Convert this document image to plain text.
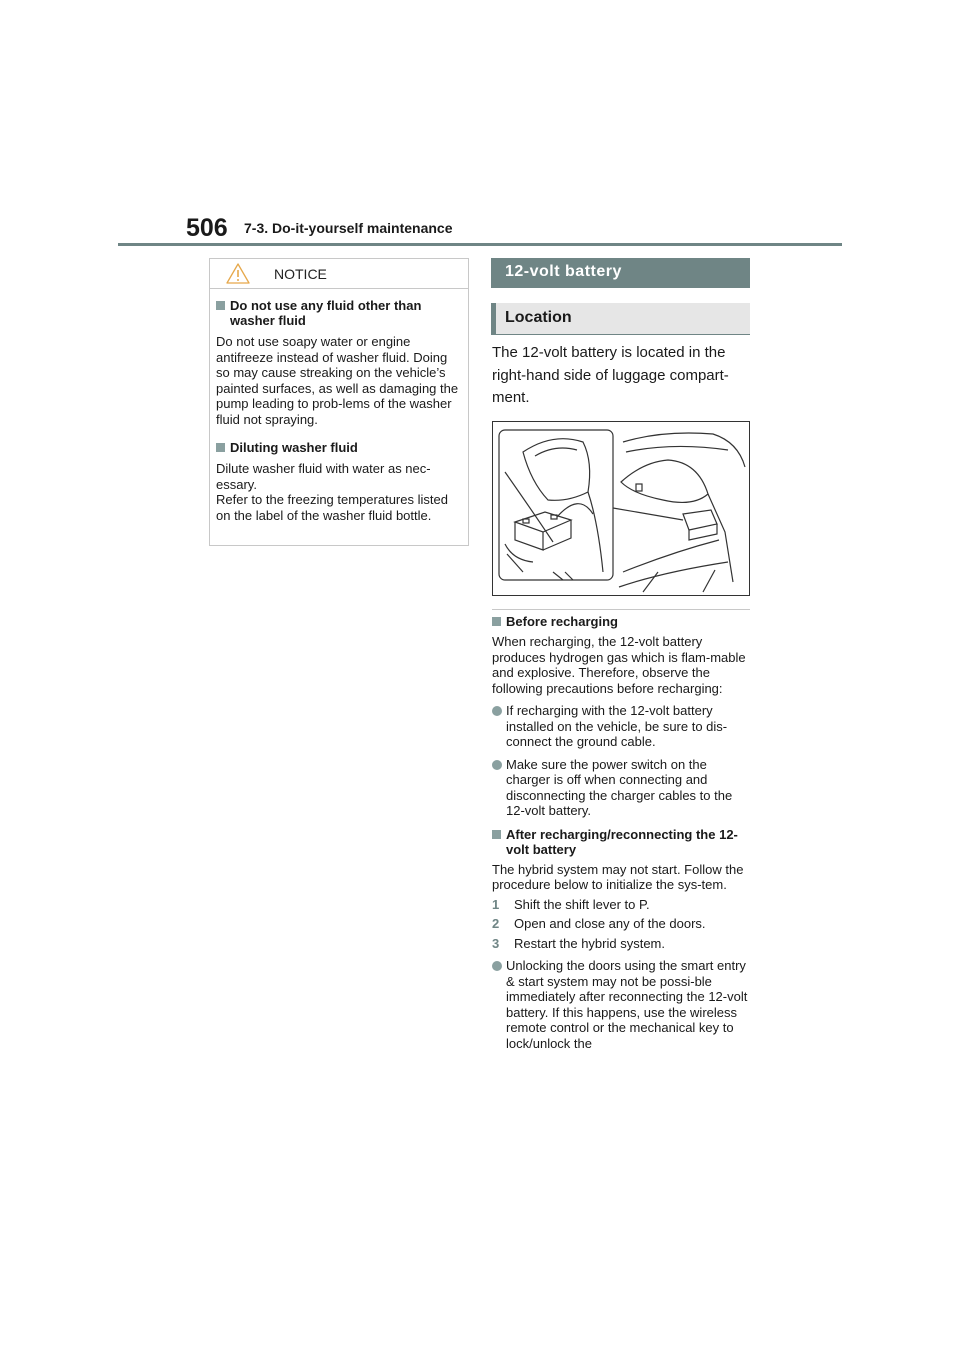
506 7-3. Do-it-yourself maintenance
NOTICE
Do not use any fluid other than washer fluid

Do not use soapy water or engine antifreeze instead of washer fluid. Doing so may cause streaking on the vehicle’s painted surfaces, as well as damaging the pump leading to prob-lems of the washer fluid not spraying.

Diluting washer fluid

Dilute washer fluid with water as nec-essary.

Refer to the freezing temperatures listed on the label of the washer fluid bottle.

12-volt battery
Location
The 12-volt battery is located in the right-hand side of luggage compart-ment.
Before recharging

When recharging, the 12-volt battery produces hydrogen gas which is flam-mable and explosive. Therefore, observe the following precautions before recharging:

If recharging with the 12-volt battery installed on the vehicle, be sure to dis-connect the ground cable.
Make sure the power switch on the charger is off when connecting and disconnecting the charger cables to the 12-volt battery.
After recharging/reconnecting the 12-volt battery

The hybrid system may not start. Follow the procedure below to initialize the sys-tem.

1	Shift the shift lever to P.
2	Open and close any of the doors.
3	Restart the hybrid system.
Unlocking the doors using the smart entry & start system may not be possi-ble immediately after reconnecting the 12-volt battery. If this happens, use the wireless remote control or the mechanical key to lock/unlock the
